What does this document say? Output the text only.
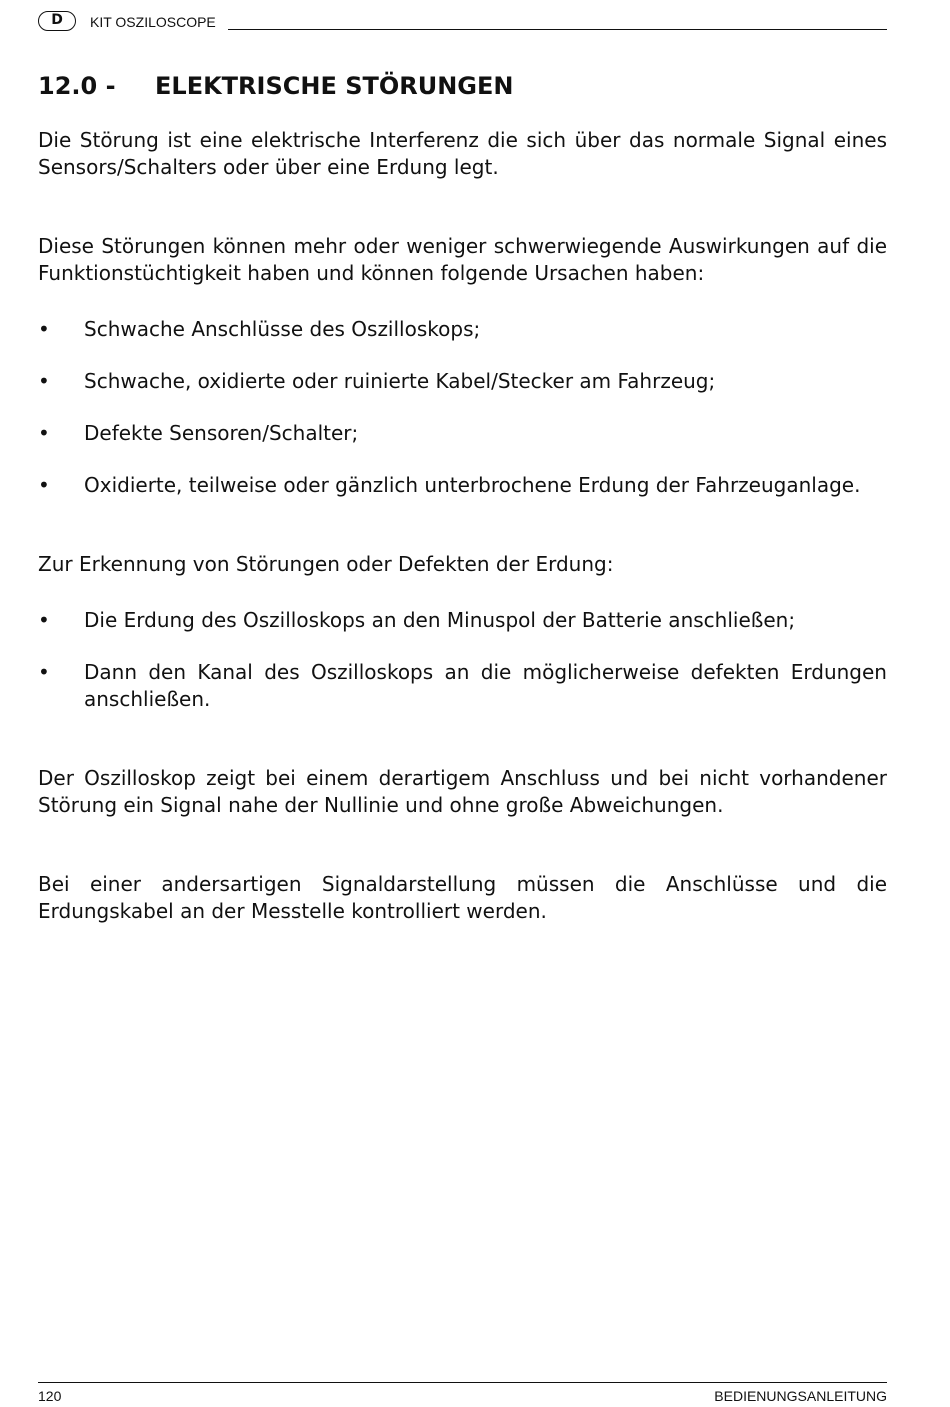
D	KIT OSZILOSCOPE
12.0 - ELEKTRISCHE STÖRUNGEN

Die Störung ist eine elektrische Interferenz die sich über das normale Signal eines Sensors/Schalters oder über eine Erdung legt.

Diese Störungen können mehr oder weniger schwerwiegende Auswirkungen auf die Funktionstüchtigkeit haben und können folgende Ursachen haben:

• Schwache Anschlüsse des Oszilloskops;
• Schwache, oxidierte oder ruinierte Kabel/Stecker am Fahrzeug;
• Defekte Sensoren/Schalter;
• Oxidierte, teilweise oder gänzlich unterbrochene Erdung der Fahrzeuganlage.

Zur Erkennung von Störungen oder Defekten der Erdung:

• Die Erdung des Oszilloskops an den Minuspol der Batterie anschließen;
• Dann den Kanal des Oszilloskops an die möglicherweise defekten Erdungen anschließen.

Der Oszilloskop zeigt bei einem derartigem Anschluss und bei nicht vorhandener Störung ein Signal nahe der Nullinie und ohne große Abweichungen.

Bei einer andersartigen Signaldarstellung müssen die Anschlüsse und die Erdungskabel an der Messtelle kontrolliert werden.

120	BEDIENUNGSANLEITUNG
